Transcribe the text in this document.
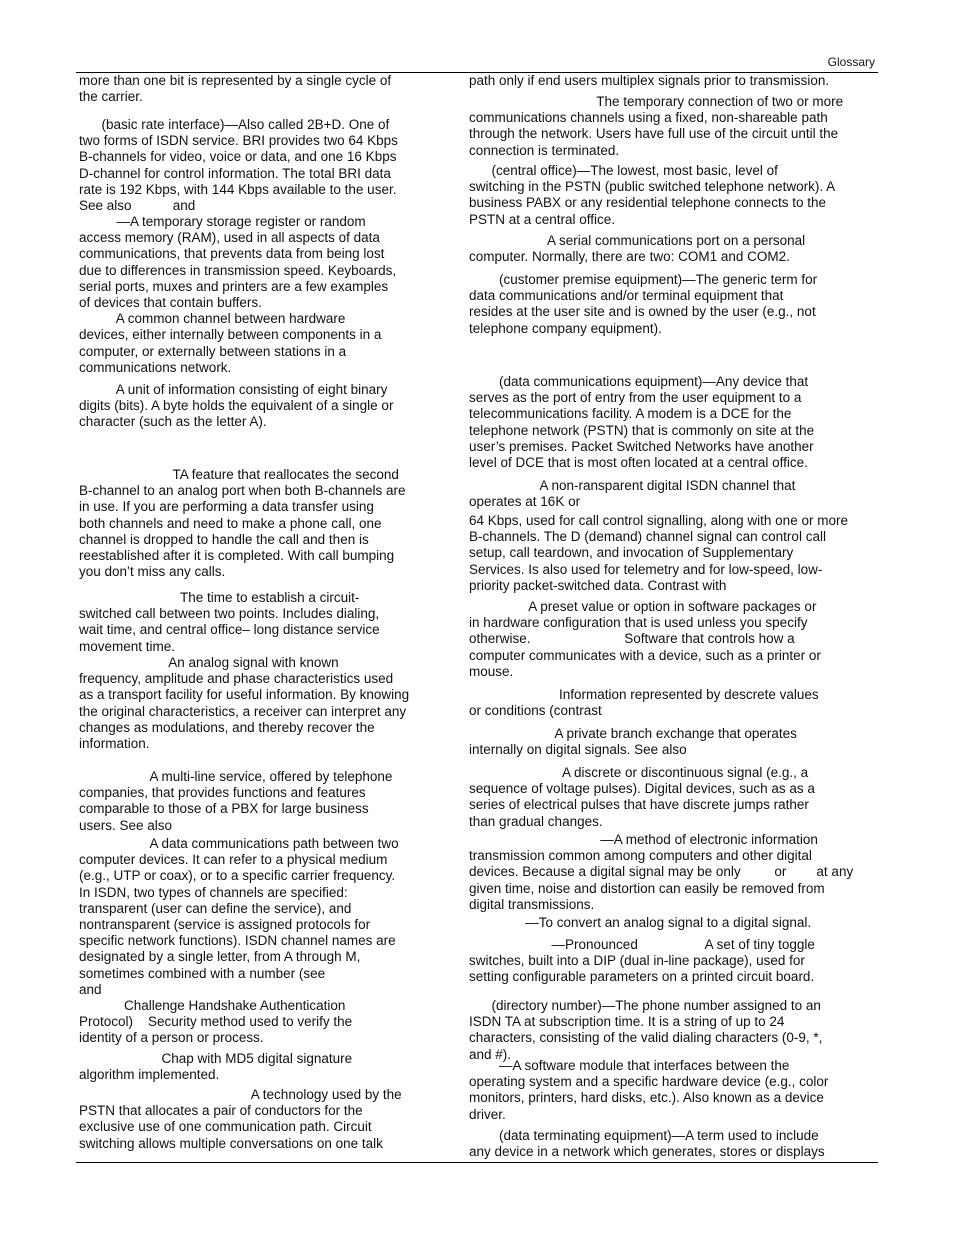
Glossary

more than one bit is represented by a single cycle of
the carrier.

(basic rate interface)—Also called 2B+D. One of
two forms of ISDN service. BRI provides two 64 Kbps
B-channels for video, voice or data, and one 16 Kbps
D-channel for control information. The total BRI data
rate is 192 Kbps, with 144 Kbps available to the user.
See also           and

—A temporary storage register or random
access memory (RAM), used in all aspects of data
communications, that prevents data from being lost
due to differences in transmission speed. Keyboards,
serial ports, muxes and printers are a few examples
of devices that contain buffers.
A common channel between hardware
devices, either internally between components in a
computer, or externally between stations in a
communications network.

A unit of information consisting of eight binary
digits (bits). A byte holds the equivalent of a single or
character (such as the letter A).

TA feature that reallocates the second
B-channel to an analog port when both B-channels are
in use. If you are performing a data transfer using
both channels and need to make a phone call, one
channel is dropped to handle the call and then is
reestablished after it is completed. With call bumping
you don’t miss any calls.

The time to establish a circuit-
switched call between two points. Includes dialing,
wait time, and central office– long distance service
movement time.

An analog signal with known
frequency, amplitude and phase characteristics used
as a transport facility for useful information. By knowing
the original characteristics, a receiver can interpret any
changes as modulations, and thereby recover the
information.

A multi-line service, offered by telephone
companies, that provides functions and features
comparable to those of a PBX for large business
users. See also

A data communications path between two
computer devices. It can refer to a physical medium
(e.g., UTP or coax), or to a specific carrier frequency.
In ISDN, two types of channels are specified:
transparent (user can define the service), and
nontransparent (service is assigned protocols for
specific network functions). ISDN channel names are
designated by a single letter, from A through M,
sometimes combined with a number (see
and

Challenge Handshake Authentication
Protocol)    Security method used to verify the
identity of a person or process.

Chap with MD5 digital signature
algorithm implemented.

A technology used by the
PSTN that allocates a pair of conductors for the
exclusive use of one communication path. Circuit
switching allows multiple conversations on one talk

path only if end users multiplex signals prior to transmission.

The temporary connection of two or more
communications channels using a fixed, non-shareable path
through the network. Users have full use of the circuit until the
connection is terminated.

(central office)—The lowest, most basic, level of
switching in the PSTN (public switched telephone network). A
business PABX or any residential telephone connects to the
PSTN at a central office.

A serial communications port on a personal
computer. Normally, there are two: COM1 and COM2.

(customer premise equipment)—The generic term for
data communications and/or terminal equipment that
resides at the user site and is owned by the user (e.g., not
telephone company equipment).

(data communications equipment)—Any device that
serves as the port of entry from the user equipment to a
telecommunications facility. A modem is a DCE for the
telephone network (PSTN) that is commonly on site at the
user’s premises. Packet Switched Networks have another
level of DCE that is most often located at a central office.

A non-ransparent digital ISDN channel that
operates at 16K or

64 Kbps, used for call control signalling, along with one or more
B-channels. The D (demand) channel signal can control call
setup, call teardown, and invocation of Supplementary
Services. Is also used for telemetry and for low-speed, low-
priority packet-switched data. Contrast with

A preset value or option in software packages or
in hardware configuration that is used unless you specify
otherwise.                         Software that controls how a
computer communicates with a device, such as a printer or
mouse.

Information represented by descrete values
or conditions (contrast

A private branch exchange that operates
internally on digital signals. See also

A discrete or discontinuous signal (e.g., a
sequence of voltage pulses). Digital devices, such as as a
series of electrical pulses that have discrete jumps rather
than gradual changes.

—A method of electronic information
transmission common among computers and other digital
devices. Because a digital signal may be only         or        at any
given time, noise and distortion can easily be removed from
digital transmissions.

—To convert an analog signal to a digital signal.

—Pronounced                  A set of tiny toggle
switches, built into a DIP (dual in-line package), used for
setting configurable parameters on a printed circuit board.

(directory number)—The phone number assigned to an
ISDN TA at subscription time. It is a string of up to 24
characters, consisting of the valid dialing characters (0-9, *,
and #).

—A software module that interfaces between the
operating system and a specific hardware device (e.g., color
monitors, printers, hard disks, etc.). Also known as a device
driver.

(data terminating equipment)—A term used to include
any device in a network which generates, stores or displays
